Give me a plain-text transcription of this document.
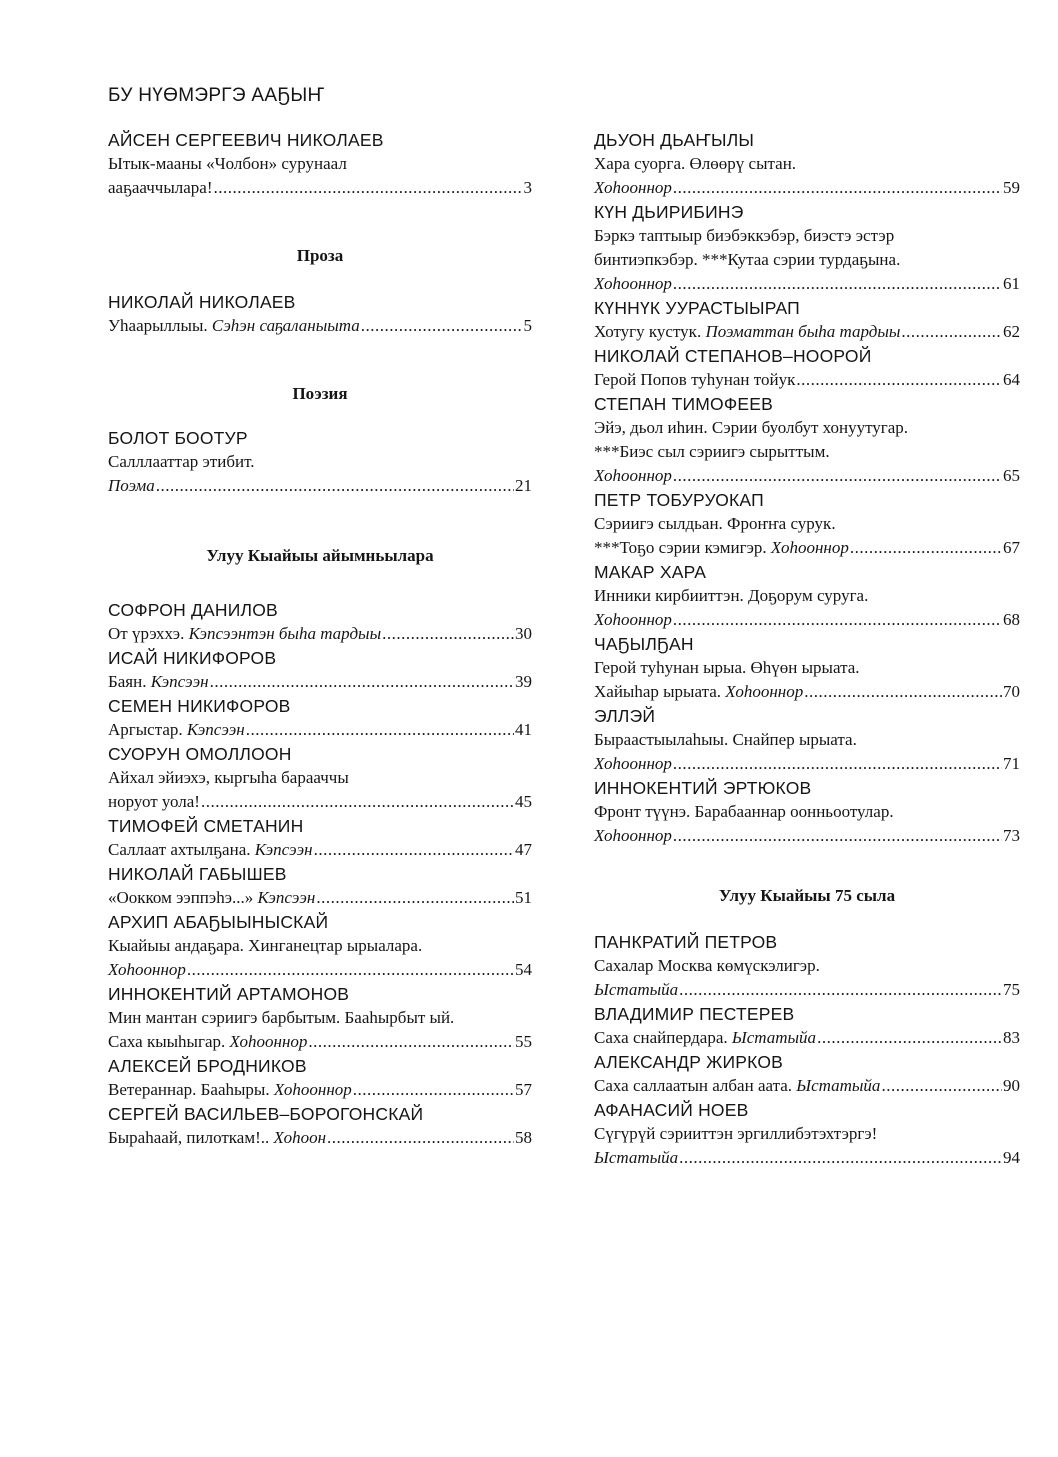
БУ НҮӨМЭРГЭ ААҔЫҤ
АЙСЕН СЕРГЕЕВИЧ НИКОЛАЕВ
Ытык-мааны «Чолбон» сурунаал
ааҕааччылара! .....	3
Проза
НИКОЛАЙ НИКОЛАЕВ
Уһаарыллыы. Сэһэн саҕаланыыта .....	5
Поэзия
БОЛОТ БООТУР
Салллааттар этибит.
Поэма .....	21
Улуу Кыайыы айымньылара
СОФРОН ДАНИЛОВ
От үрэххэ. Кэпсээнтэн быһа тардыы .....	30
ИСАЙ НИКИФОРОВ
Баян. Кэпсээн .....	39
СЕМЕН НИКИФОРОВ
Аргыстар. Кэпсээн .....	41
СУОРУН ОМОЛЛООН
Айхал эйиэхэ, кыргыһа барааччы
норуот уола! .....	45
ТИМОФЕЙ СМЕТАНИН
Саллаат ахтылҕана. Кэпсээн .....	47
НИКОЛАЙ ГАБЫШЕВ
«Оокком ээппэһэ...» Кэпсээн .....	51
АРХИП АБАҔЫЫНЫСКАЙ
Кыайыы андаҕара. Хинганецтар ырыалара.
Хоhооннор .....	54
ИННОКЕНТИЙ АРТАМОНОВ
Мин мантан сэриигэ барбытым. Бааһырбыт ый.
Саха кыыһыгар. Хоhооннор .....	55
АЛЕКСЕЙ БРОДНИКОВ
Ветераннар. Бааһыры. Хоhооннор .....	57
СЕРГЕЙ ВАСИЛЬЕВ–БОРОГОНСКАЙ
Быраһаай, пилоткам!.. Хоhоон .....	58
ДЬУОН ДЬАҤЫЛЫ
Хара суорга. Өлөөрү сытан.
Хоhооннор .....	59
КҮН ДЬИРИБИНЭ
Бэркэ таптыыр биэбэккэбэр, биэстэ эстэр
бинтиэпкэбэр. ***Кутаа сэрии турдаҕына.
Хоhооннор .....	61
КҮННҮК УУРАСТЫЫРАП
Хотугу кустук. Поэматтан быһа тардыы .....	62
НИКОЛАЙ СТЕПАНОВ–НООРОЙ
Герой Попов туһунан тойук .....	64
СТЕПАН ТИМОФЕЕВ
Эйэ, дьол иһин. Сэрии буолбут хонуутугар.
***Биэс сыл сэриигэ сырыттым.
Хоhооннор .....	65
ПЕТР ТОБУРУОКАП
Сэриигэ сылдьан. Фроҥҥа сурук.
***Тоҕо сэрии кэмигэр. Хоhооннор .....	67
МАКАР ХАРА
Инники кирбииттэн. Доҕорум суруга.
Хоhооннор .....	68
ЧАҔЫЛҔАН
Герой туһунан ырыа. Өһүөн ырыата.
Хайыһар ырыата. Хоhооннор .....	70
ЭЛЛЭЙ
Быраастыылаһыы. Снайпер ырыата.
Хоhооннор .....	71
ИННОКЕНТИЙ ЭРТЮКОВ
Фронт түүнэ. Барабааннар оонньоотулар.
Хоhооннор .....	73
Улуу Кыайыы 75 сыла
ПАНКРАТИЙ ПЕТРОВ
Сахалар Москва көмүскэлигэр.
Ыстатыйа .....	75
ВЛАДИМИР ПЕСТЕРЕВ
Саха снайпердара. Ыстатыйа .....	83
АЛЕКСАНДР ЖИРКОВ
Саха саллаатын албан аата. Ыстатыйа .....	90
АФАНАСИЙ НОЕВ
Сүгүрүй сэрииттэн эргиллибэтэхтэргэ!
Ыстатыйа .....	94
